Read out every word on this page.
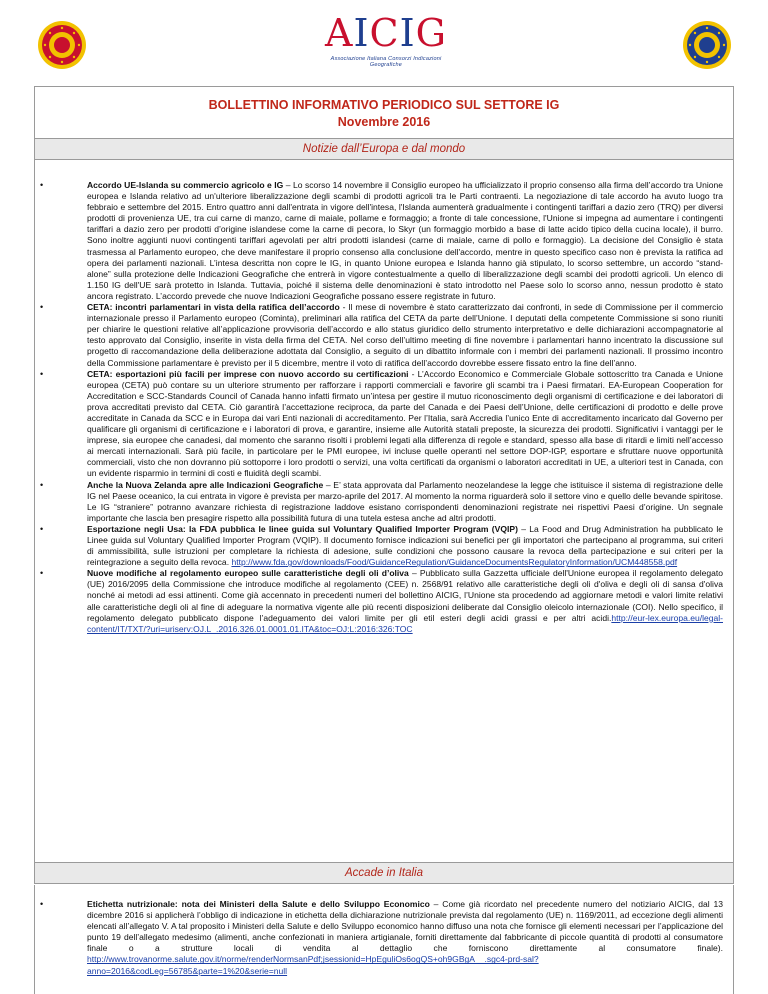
AICIG
Associazione Italiana Consorzi Indicazioni Geografiche
BOLLETTINO INFORMATIVO PERIODICO SUL SETTORE IG
Novembre 2016
Notizie dall’Europa e dal mondo
• Accordo UE-Islanda su commercio agricolo e IG – Lo scorso 14 novembre il Consiglio europeo ha ufficializzato il proprio consenso alla firma dell’accordo tra Unione europea e Islanda relativo ad un'ulteriore liberalizzazione degli scambi di prodotti agricoli tra le Parti contraenti. La negoziazione di tale accordo ha avuto luogo tra febbraio e settembre del 2015. Entro quattro anni dall'entrata in vigore dell'intesa, l'Islanda aumenterà gradualmente i contingenti tariffari a dazio zero (TRQ) per diversi prodotti di provenienza UE, tra cui carne di manzo, carne di maiale, pollame e formaggio; a fronte di tale concessione, l'Unione si impegna ad aumentare i contingenti tariffari a dazio zero per prodotti d’origine islandese come la carne di pecora, lo Skyr (un formaggio morbido a base di latte acido tipico della cucina locale), il burro. Sono inoltre aggiunti nuovi contingenti tariffari agevolati per altri prodotti islandesi (carne di maiale, carne di pollo e formaggio). La decisione del Consiglio è stata trasmessa al Parlamento europeo, che deve manifestare il proprio consenso alla conclusione dell'accordo, mentre in questo specifico caso non è prevista la ratifica ad opera dei parlamenti nazionali. L’intesa descritta non copre le IG, in quanto Unione europea e Islanda hanno già stipulato, lo scorso settembre, un accordo “stand-alone” sulla protezione delle Indicazioni Geografiche che entrerà in vigore contestualmente a quello di liberalizzazione degli scambi dei prodotti agricoli. Un elenco di 1.150 IG dell'UE sarà protetto in Islanda. Tuttavia, poiché il sistema delle denominazioni è stato introdotto nel Paese solo lo scorso anno, nessun prodotto è stato ancora registrato. L’accordo prevede che nuove Indicazioni Geografiche possano essere registrate in futuro.
• CETA: incontri parlamentari in vista della ratifica dell’accordo - Il mese di novembre è stato caratterizzato dai confronti, in sede di Commissione per il commercio internazionale presso il Parlamento europeo (Cominta), preliminari alla ratifica del CETA da parte dell’Unione. I deputati della competente Commissione si sono riuniti per chiarire le questioni relative all’applicazione provvisoria dell’accordo e allo status giuridico dello strumento interpretativo e delle dichiarazioni accompagnatorie al testo approvato dal Consiglio, inserite in vista della firma del CETA. Nel corso dell’ultimo meeting di fine novembre i parlamentari hanno incentrato la discussione sul progetto di raccomandazione della deliberazione adottata dal Consiglio, a seguito di un dibattito informale con i membri dei parlamenti nazionali. Il prossimo incontro della Commissione parlamentare è previsto per il 5 dicembre, mentre il voto di ratifica dell’accordo dovrebbe essere fissato entro la fine dell’anno.
• CETA: esportazioni più facili per imprese con nuovo accordo su certificazioni - L’Accordo Economico e Commerciale Globale sottoscritto tra Canada e Unione europea (CETA) può contare su un ulteriore strumento per rafforzare i rapporti commerciali e favorire gli scambi tra i Paesi firmatari. EA-European Cooperation for Accreditation e SCC-Standards Council of Canada hanno infatti firmato un’intesa per gestire il mutuo riconoscimento degli organismi di certificazione e dei laboratori di prova accreditati previsto dal CETA. Ciò garantirà l’accettazione reciproca, da parte del Canada e dei Paesi dell’Unione, delle certificazioni di prodotto e delle prove accreditate in Canada da SCC e in Europa dai vari Enti nazionali di accreditamento. Per l’Italia, sarà Accredia l’unico Ente di accreditamento incaricato dal Governo per qualificare gli organismi di certificazione e i laboratori di prova, e garantire, insieme alle Autorità statali preposte, la sicurezza dei prodotti. Significativi i vantaggi per le imprese, sia europee che canadesi, dal momento che saranno risolti i problemi legati alla differenza di regole e standard, spesso alla base di ritardi e limiti nell’accesso ai mercati internazionali. Sarà più facile, in particolare per le PMI europee, ivi incluse quelle operanti nel settore DOP-IGP, esportare e sfruttare nuove opportunità commerciali, visto che non dovranno più sottoporre i loro prodotti o servizi, una volta certificati da organismi o laboratori accreditati in UE, a ulteriori test in Canada, con un evidente risparmio in termini di costi e fluidità degli scambi.
• Anche la Nuova Zelanda apre alle Indicazioni Geografiche – E’ stata approvata dal Parlamento neozelandese la legge che istituisce il sistema di registrazione delle IG nel Paese oceanico, la cui entrata in vigore è prevista per marzo-aprile del 2017. Al momento la norma riguarderà solo il settore vino e quello delle bevande spiritose. Le IG “straniere” potranno avanzare richiesta di registrazione laddove esistano corrispondenti denominazioni registrate nei rispettivi Paesi d’origine. Un segnale importante che lascia ben presagire rispetto alla possibilità futura di una tutela estesa anche ad altri prodotti.
• Esportazione negli Usa: la FDA pubblica le linee guida sul Voluntary Qualified Importer Program (VQIP) – La Food and Drug Administration ha pubblicato le Linee guida sul Voluntary Qualified Importer Program (VQIP). Il documento fornisce indicazioni sui benefici per gli importatori che partecipano al programma, sui criteri di ammissibilità, sulle istruzioni per completare la richiesta di adesione, sulle condizioni che possono causare la revoca della partecipazione e sui criteri per la reintegrazione a seguito della revoca. http://www.fda.gov/downloads/Food/GuidanceRegulation/GuidanceDocumentsRegulatoryInformation/UCM448558.pdf
• Nuove modifiche al regolamento europeo sulle caratteristiche degli oli d’oliva – Pubblicato sulla Gazzetta ufficiale dell'Unione europea il regolamento delegato (UE) 2016/2095 della Commissione che introduce modifiche al regolamento (CEE) n. 2568/91 relativo alle caratteristiche degli oli d'oliva e degli oli di sansa d'oliva nonché ai metodi ad essi attinenti. Come già accennato in precedenti numeri del bollettino AICIG, l’Unione sta procedendo ad aggiornare metodi e valori limite relativi alle caratteristiche degli oli al fine di adeguare la normativa vigente alle più recenti disposizioni deliberate dal Consiglio oleicolo internazionale (COI). Nello specifico, il regolamento delegato pubblicato dispone l’adeguamento dei valori limite per gli etil esteri degli acidi grassi e per altri acidi.http://eur-lex.europa.eu/legal-content/IT/TXT/?uri=uriserv:OJ.L_.2016.326.01.0001.01.ITA&toc=OJ:L:2016:326:TOC
Accade in Italia
• Etichetta nutrizionale: nota dei Ministeri della Salute e dello Sviluppo Economico – Come già ricordato nel precedente numero del notiziario AICIG, dal 13 dicembre 2016 si applicherà l’obbligo di indicazione in etichetta della dichiarazione nutrizionale prevista dal regolamento (UE) n. 1169/2011, ad eccezione degli alimenti elencati all’allegato V. A tal proposito i Ministeri della Salute e dello Sviluppo economico hanno diffuso una nota che fornisce gli elementi necessari per l’applicazione del punto 19 dell’allegato medesimo (alimenti, anche confezionati in maniera artigianale, forniti direttamente dal fabbricante di piccole quantità di prodotti al consumatore finale o a strutture locali di vendita al dettaglio che forniscono direttamente al consumatore finale). http://www.trovanorme.salute.gov.it/norme/renderNormsanPdf;jsessionid=HpEguliOs6ogQS+oh9GBgA__.sgc4-prd-sal?anno=2016&codLeg=56785&parte=1%20&serie=null
